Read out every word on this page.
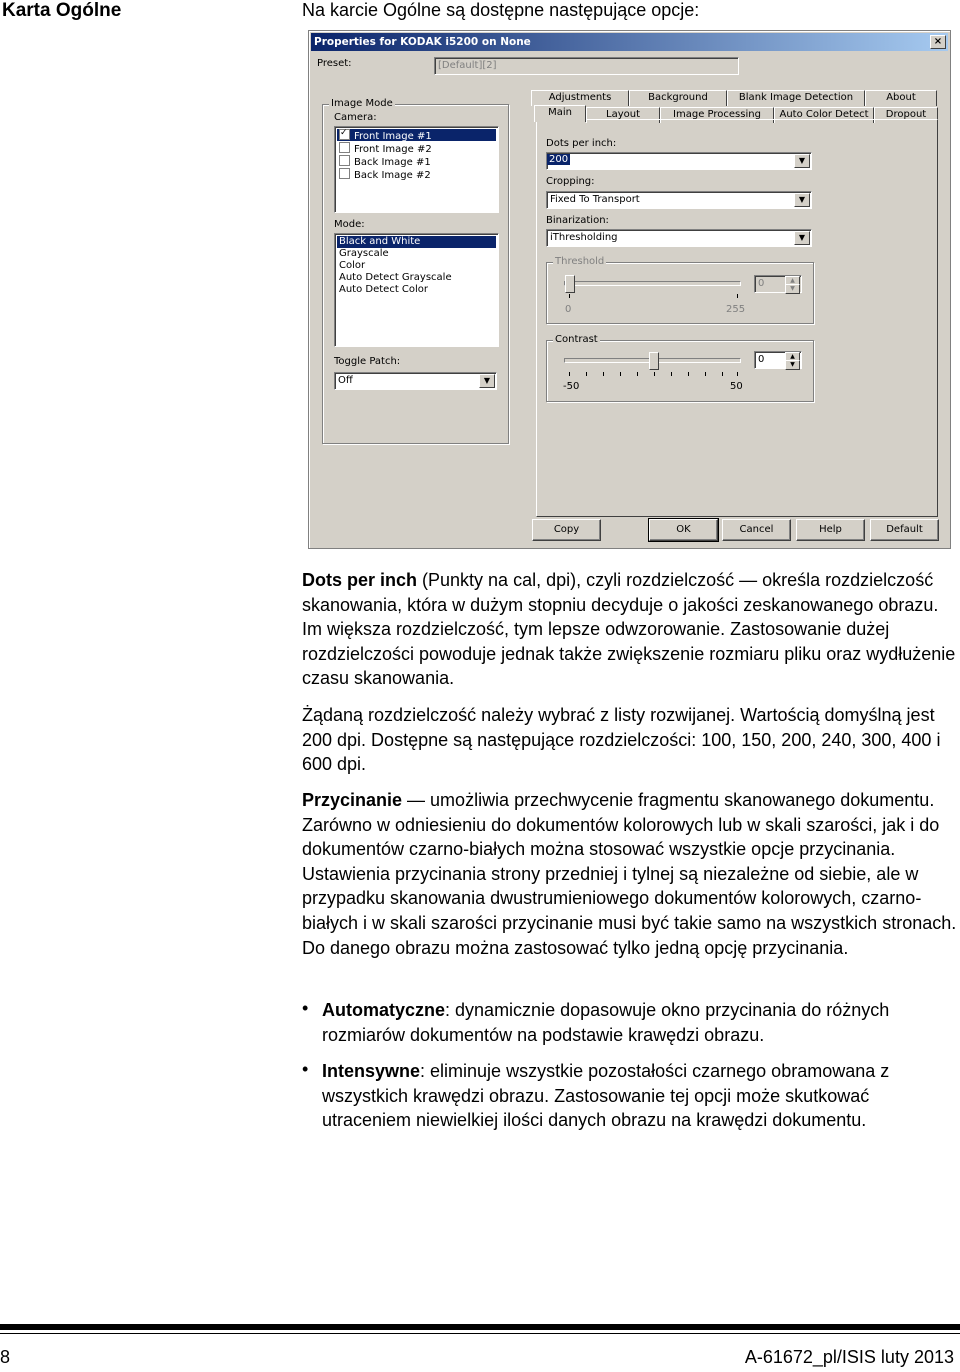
Karta Ogólne	Na karcie Ogólne są dostępne następujące opcje:
Properties for KODAK i5200 on None	×
Preset:	[Default][2]
Image Mode
Camera:
✓Front Image #1
Front Image #2
Back Image #1
Back Image #2
Mode:
Black and White
Grayscale
Color
Auto Detect Grayscale
Auto Detect Color
Toggle Patch:
Off	▼
Adjustments	Background	Blank Image Detection	About
Main	Layout	Image Processing	Auto Color Detect	Dropout
Dots per inch:
200	▼
Cropping:
Fixed To Transport	▼
Binarization:
iThresholding	▼
Threshold
0	255
0	▲
▼
Contrast
-50	50
0	▲
▼
Copy	OK	Cancel	Help	Default
Dots per inch (Punkty na cal, dpi), czyli rozdzielczość — określa rozdzielczość skanowania, która w dużym stopniu decyduje o jakości zeskanowanego obrazu. Im większa rozdzielczość, tym lepsze odwzorowanie. Zastosowanie dużej rozdzielczości powoduje jednak także zwiększenie rozmiaru pliku oraz wydłużenie czasu skanowania.
Żądaną rozdzielczość należy wybrać z listy rozwijanej. Wartością domyślną jest 200 dpi. Dostępne są następujące rozdzielczości: 100, 150, 200, 240, 300, 400 i 600 dpi.
Przycinanie — umożliwia przechwycenie fragmentu skanowanego dokumentu. Zarówno w odniesieniu do dokumentów kolorowych lub w skali szarości, jak i do dokumentów czarno-białych można stosować wszystkie opcje przycinania. Ustawienia przycinania strony przedniej i tylnej są niezależne od siebie, ale w przypadku skanowania dwustrumieniowego dokumentów kolorowych, czarno-białych i w skali szarości przycinanie musi być takie samo na wszystkich stronach. Do danego obrazu można zastosować tylko jedną opcję przycinania.
• Automatyczne: dynamicznie dopasowuje okno przycinania do różnych rozmiarów dokumentów na podstawie krawędzi obrazu.
• Intensywne: eliminuje wszystkie pozostałości czarnego obramowana z wszystkich krawędzi obrazu. Zastosowanie tej opcji może skutkować utraceniem niewielkiej ilości danych obrazu na krawędzi dokumentu.
8	A-61672_pl/ISIS luty 2013
